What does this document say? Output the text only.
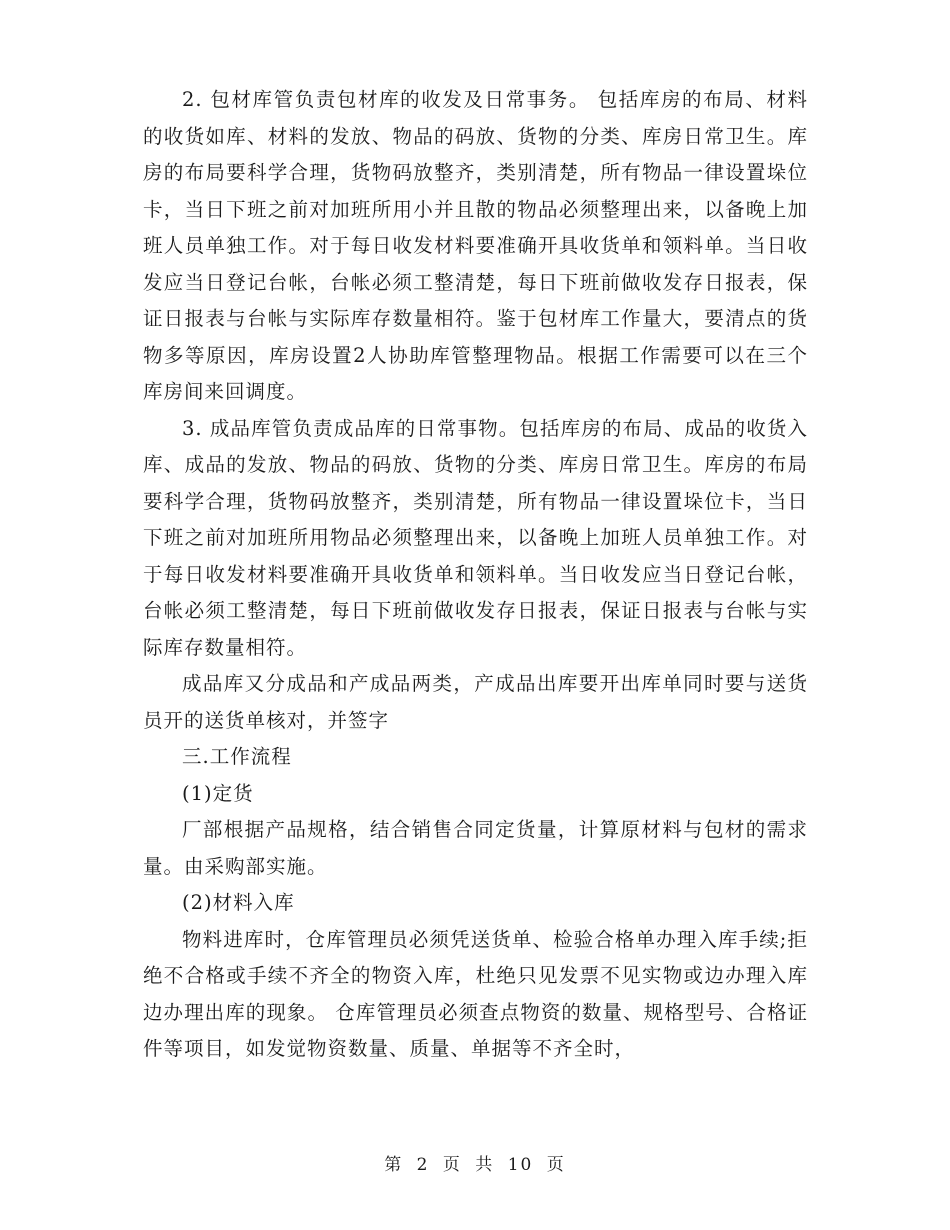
2. 包材库管负责包材库的收发及日常事务。 包括库房的布局、材料的收货如库、材料的发放、物品的码放、货物的分类、库房日常卫生。库房的布局要科学合理，货物码放整齐，类别清楚，所有物品一律设置垛位卡，当日下班之前对加班所用小并且散的物品必须整理出来，以备晚上加班人员单独工作。对于每日收发材料要准确开具收货单和领料单。当日收发应当日登记台帐，台帐必须工整清楚，每日下班前做收发存日报表，保证日报表与台帐与实际库存数量相符。鉴于包材库工作量大，要清点的货物多等原因，库房设置2人协助库管整理物品。根据工作需要可以在三个库房间来回调度。

3. 成品库管负责成品库的日常事物。包括库房的布局、成品的收货入库、成品的发放、物品的码放、货物的分类、库房日常卫生。库房的布局要科学合理，货物码放整齐，类别清楚，所有物品一律设置垛位卡，当日下班之前对加班所用物品必须整理出来，以备晚上加班人员单独工作。对于每日收发材料要准确开具收货单和领料单。当日收发应当日登记台帐，台帐必须工整清楚，每日下班前做收发存日报表，保证日报表与台帐与实际库存数量相符。

成品库又分成品和产成品两类，产成品出库要开出库单同时要与送货员开的送货单核对，并签字

三.工作流程

(1)定货

厂部根据产品规格，结合销售合同定货量，计算原材料与包材的需求量。由采购部实施。

(2)材料入库

物料进库时，仓库管理员必须凭送货单、检验合格单办理入库手续;拒绝不合格或手续不齐全的物资入库，杜绝只见发票不见实物或边办理入库边办理出库的现象。 仓库管理员必须查点物资的数量、规格型号、合格证件等项目，如发觉物资数量、质量、单据等不齐全时，

第 2 页 共 10 页
